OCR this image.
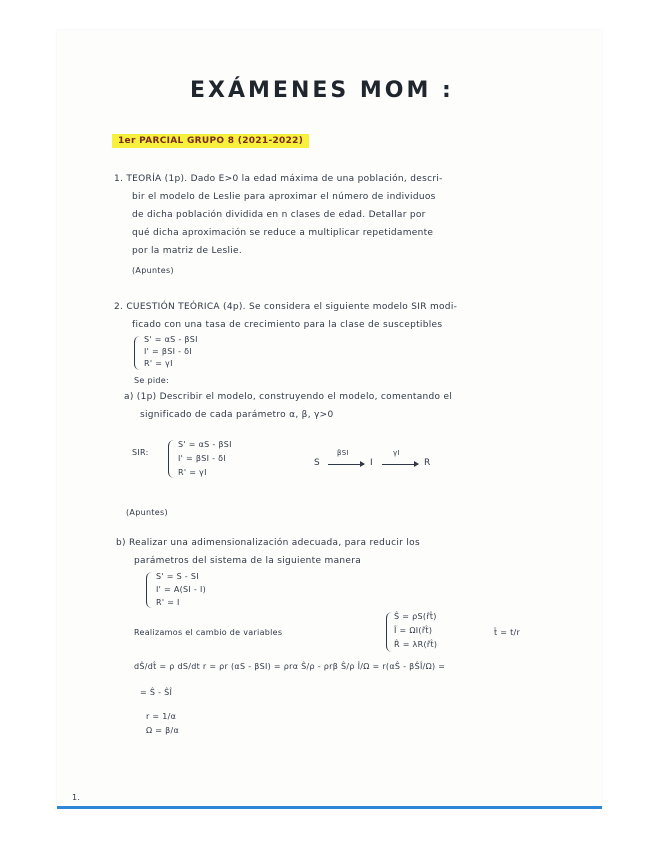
EXÁMENES MOM :
1er PARCIAL GRUPO 8 (2021-2022)
1. TEORÍA (1p). Dado E>0 la edad máxima de una población, descri-
bir el modelo de Leslie para aproximar el número de individuos
de dicha población dividida en n clases de edad. Detallar por
qué dicha aproximación se reduce a multiplicar repetidamente
por la matriz de Leslie.
(Apuntes)
2. CUESTIÓN TEÓRICA (4p). Se considera el siguiente modelo SIR modi-
ficado con una tasa de crecimiento para la clase de susceptibles
S' = αS - βSI
I' = βSI - δI
R' = γI
Se pide:
a) (1p) Describir el modelo, construyendo el modelo, comentando el
significado de cada parámetro α, β, γ>0
SIR:
S' = αS - βSI
I' = βSI - δI
R' = γI
S
βSI
I
γI
R
(Apuntes)
b) Realizar una adimensionalización adecuada, para reducir los
parámetros del sistema de la siguiente manera
S' = S - SI
I' = A(SI - I)
R' = I
Realizamos el cambio de variables
Ŝ = ρS(r̂t̂)
Î = ΩI(r̂t̂)
R̂ = λR(r̂t̂)
t̂ = t/r
dŜ/dt̂ = ρ dS/dt r = ρr (αS - βSI) = ρrα Ŝ/ρ - ρrβ Ŝ/ρ Î/Ω = r(αŜ - βŜÎ/Ω) =
= Ŝ - ŜÎ
r = 1/α
Ω = β/α
1.
